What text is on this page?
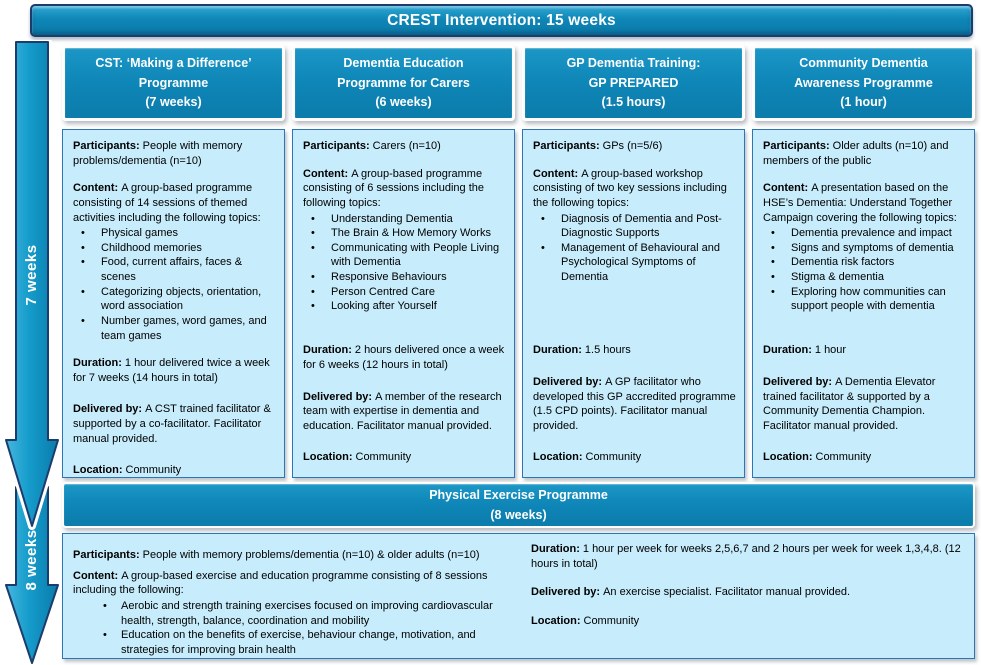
CREST Intervention: 15 weeks
8 weeks
7 weeks
CST: ‘Making a Difference’
Programme
(7 weeks)

Participants: People with memory problems/dementia (n=10)

Content: A group-based programme consisting of 14 sessions of themed activities including the following topics:

• Physical games
• Childhood memories
• Food, current affairs, faces & scenes
• Categorizing objects, orientation, word association
• Number games, word games, and team games

Duration: 1 hour delivered twice a week for 7 weeks (14 hours in total)

Delivered by: A CST trained facilitator & supported by a co-facilitator. Facilitator manual provided.

Location: Community

Dementia Education
Programme for Carers
(6 weeks)

Participants: Carers (n=10)

Content: A group-based programme consisting of 6 sessions including the following topics:

• Understanding Dementia
• The Brain & How Memory Works
• Communicating with People Living with Dementia
• Responsive Behaviours
• Person Centred Care
• Looking after Yourself

Duration: 2 hours delivered once a week for 6 weeks (12 hours in total)

Delivered by: A member of the research team with expertise in dementia and education. Facilitator manual provided.

Location: Community

GP Dementia Training:
GP PREPARED
(1.5 hours)

Participants: GPs (n=5/6)

Content: A group-based workshop consisting of two key sessions including the following topics:

• Diagnosis of Dementia and Post-Diagnostic Supports
• Management of Behavioural and Psychological Symptoms of Dementia

Duration: 1.5 hours

Delivered by: A GP facilitator who developed this GP accredited programme (1.5 CPD points). Facilitator manual provided.

Location: Community

Community Dementia
Awareness Programme
(1 hour)

Participants: Older adults (n=10) and members of the public

Content: A presentation based on the HSE’s Dementia: Understand Together Campaign covering the following topics:

• Dementia prevalence and impact
• Signs and symptoms of dementia
• Dementia risk factors
• Stigma & dementia
• Exploring how communities can support people with dementia

Duration: 1 hour

Delivered by: A Dementia Elevator trained facilitator & supported by a Community Dementia Champion. Facilitator manual provided.

Location: Community

Physical Exercise Programme
(8 weeks)

Participants: People with memory problems/dementia (n=10) & older adults (n=10)

Content: A group-based exercise and education programme consisting of 8 sessions including the following:

• Aerobic and strength training exercises focused on improving cardiovascular health, strength, balance, coordination and mobility
• Education on the benefits of exercise, behaviour change, motivation, and strategies for improving brain health

Duration: 1 hour per week for weeks 2,5,6,7 and 2 hours per week for week 1,3,4,8. (12 hours in total)

Delivered by: An exercise specialist. Facilitator manual provided.

Location: Community
